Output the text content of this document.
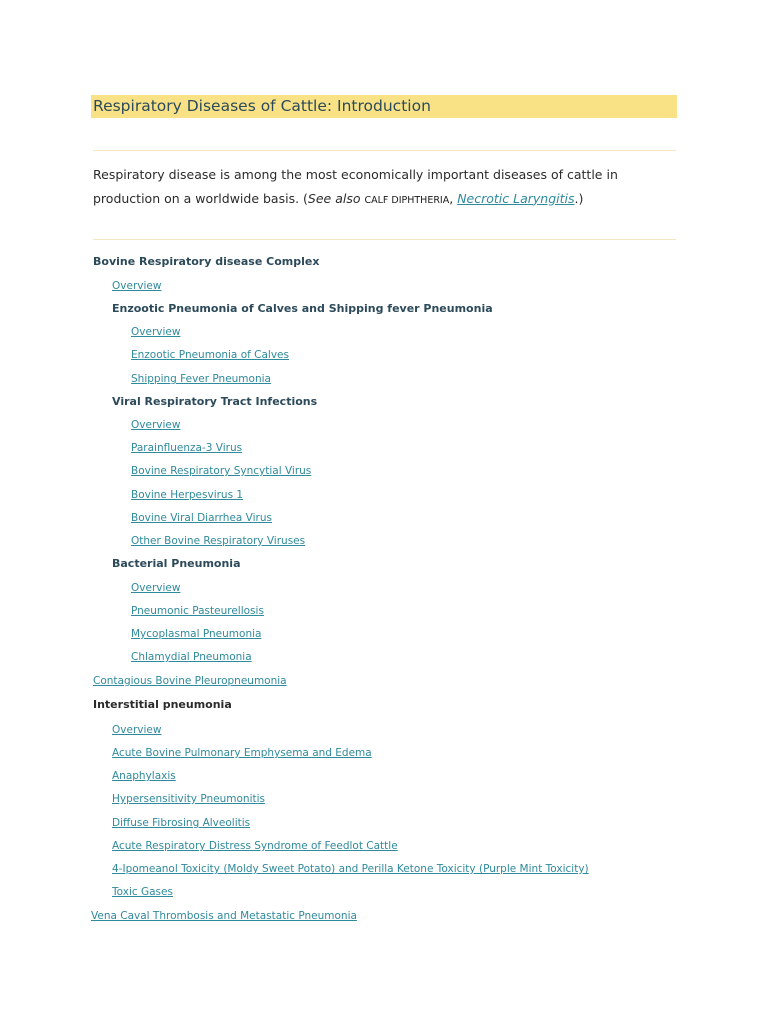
Respiratory Diseases of Cattle: Introduction
Respiratory disease is among the most economically important diseases of cattle in production on a worldwide basis. (See also CALF DIPHTHERIA, Necrotic Laryngitis.)
Bovine Respiratory disease Complex
Overview
Enzootic Pneumonia of Calves and Shipping fever Pneumonia
Overview
Enzootic Pneumonia of Calves
Shipping Fever Pneumonia
Viral Respiratory Tract Infections
Overview
Parainfluenza-3 Virus
Bovine Respiratory Syncytial Virus
Bovine Herpesvirus 1
Bovine Viral Diarrhea Virus
Other Bovine Respiratory Viruses
Bacterial Pneumonia
Overview
Pneumonic Pasteurellosis
Mycoplasmal Pneumonia
Chlamydial Pneumonia
Contagious Bovine Pleuropneumonia
Interstitial pneumonia
Overview
Acute Bovine Pulmonary Emphysema and Edema
Anaphylaxis
Hypersensitivity Pneumonitis
Diffuse Fibrosing Alveolitis
Acute Respiratory Distress Syndrome of Feedlot Cattle
4-Ipomeanol Toxicity (Moldy Sweet Potato) and Perilla Ketone Toxicity (Purple Mint Toxicity)
Toxic Gases
Vena Caval Thrombosis and Metastatic Pneumonia
